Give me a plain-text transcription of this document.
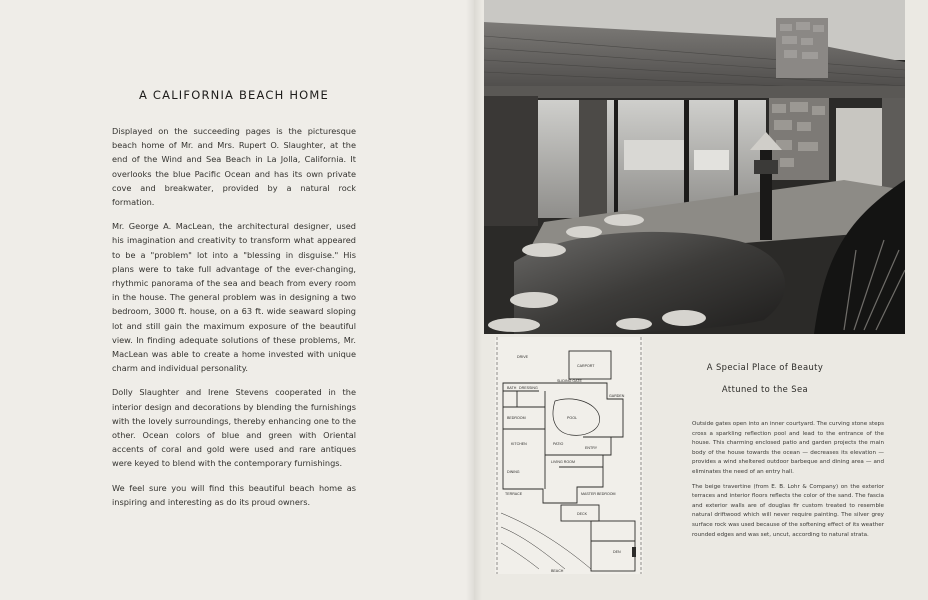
A CALIFORNIA BEACH HOME

Displayed on the succeeding pages is the picturesque beach home of Mr. and Mrs. Rupert O. Slaughter, at the end of the Wind and Sea Beach in La Jolla, California. It overlooks the blue Pacific Ocean and has its own private cove and breakwater, provided by a natural rock formation.

Mr. George A. MacLean, the architectural designer, used his imagination and creativity to transform what appeared to be a "problem" lot into a "blessing in disguise." His plans were to take full advantage of the ever-changing, rhythmic panorama of the sea and beach from every room in the house. The general problem was in designing a two bedroom, 3000 ft. house, on a 63 ft. wide seaward sloping lot and still gain the maximum exposure of the beautiful view. In finding adequate solutions of these problems, Mr. MacLean was able to create a home invested with unique charm and individual personality.

Dolly Slaughter and Irene Stevens cooperated in the interior design and decorations by blending the furnishings with the lovely surroundings, thereby enhancing one to the other. Ocean colors of blue and green with Oriental accents of coral and gold were used and rare antiques were keyed to blend with the contemporary furnishings.

We feel sure you will find this beautiful beach home as inspiring and interesting as do its proud owners.

DRIVE
CARPORT
SLIDING GATE
BATH DRESSING
GARDEN
BEDROOM	POOL
PATIO
ENTRY
KITCHEN
DINING
LIVING ROOM
TERRACE	MASTER BEDROOM
DECK
DEN
BEACH
A Special Place of Beauty
Attuned to the Sea

Outside gates open into an inner courtyard. The curving stone steps cross a sparkling reflection pool and lead to the entrance of the house. This charming enclosed patio and garden projects the main body of the house towards the ocean — decreases its elevation — provides a wind sheltered outdoor barbeque and dining area — and eliminates the need of an entry hall.

The beige travertine (from E. B. Lohr & Company) on the exterior terraces and interior floors reflects the color of the sand. The fascia and exterior walls are of douglas fir custom treated to resemble natural driftwood which will never require painting. The silver grey surface rock was used because of the softening effect of its weather rounded edges and was set, uncut, according to natural strata.
